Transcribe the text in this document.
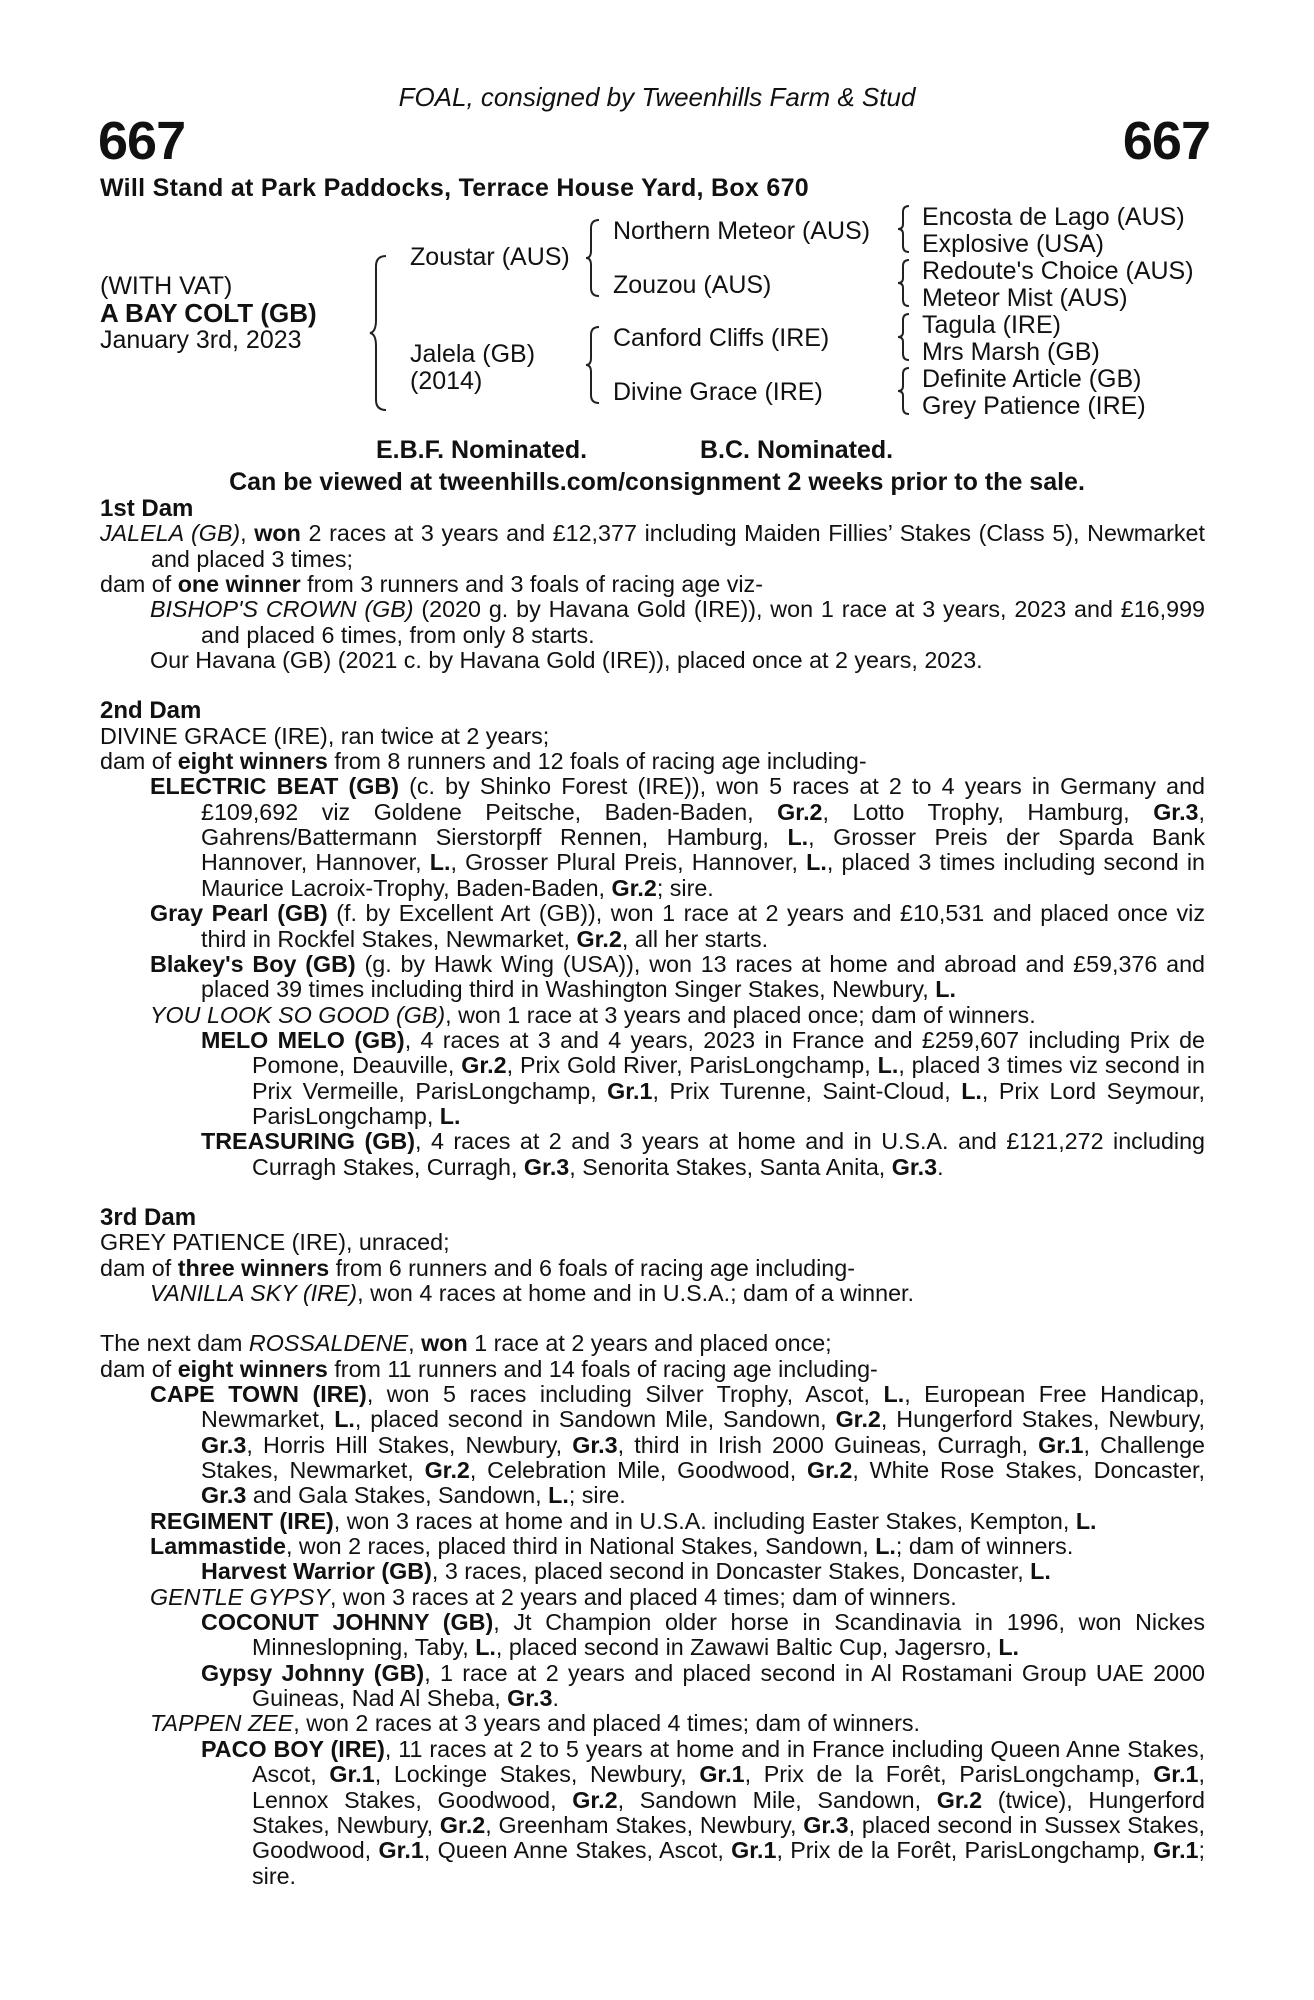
FOAL, consigned by Tweenhills Farm & Stud
667	667
Will Stand at Park Paddocks, Terrace House Yard, Box 670
(WITH VAT)
A BAY COLT (GB)
January 3rd, 2023
Zoustar (AUS)
Jalela (GB)
(2014)
Northern Meteor (AUS)
Zouzou (AUS)
Canford Cliffs (IRE)
Divine Grace (IRE)
Encosta de Lago (AUS)
Explosive (USA)
Redoute's Choice (AUS)
Meteor Mist (AUS)
Tagula (IRE)
Mrs Marsh (GB)
Definite Article (GB)
Grey Patience (IRE)
E.B.F. Nominated.	B.C. Nominated.
Can be viewed at tweenhills.com/consignment 2 weeks prior to the sale.

1st Dam

JALELA (GB), won 2 races at 3 years and £12,377 including Maiden Fillies’ Stakes (Class 5), Newmarket and placed 3 times;

dam of one winner from 3 runners and 3 foals of racing age viz-

BISHOP'S CROWN (GB) (2020 g. by Havana Gold (IRE)), won 1 race at 3 years, 2023 and £16,999 and placed 6 times, from only 8 starts.

Our Havana (GB) (2021 c. by Havana Gold (IRE)), placed once at 2 years, 2023.

2nd Dam

DIVINE GRACE (IRE), ran twice at 2 years;

dam of eight winners from 8 runners and 12 foals of racing age including-

ELECTRIC BEAT (GB) (c. by Shinko Forest (IRE)), won 5 races at 2 to 4 years in Germany and £109,692 viz Goldene Peitsche, Baden-Baden, Gr.2, Lotto Trophy, Hamburg, Gr.3, Gahrens/Battermann Sierstorpff Rennen, Hamburg, L., Grosser Preis der Sparda Bank Hannover, Hannover, L., Grosser Plural Preis, Hannover, L., placed 3 times including second in Maurice Lacroix-Trophy, Baden-Baden, Gr.2; sire.

Gray Pearl (GB) (f. by Excellent Art (GB)), won 1 race at 2 years and £10,531 and placed once viz third in Rockfel Stakes, Newmarket, Gr.2, all her starts.

Blakey's Boy (GB) (g. by Hawk Wing (USA)), won 13 races at home and abroad and £59,376 and placed 39 times including third in Washington Singer Stakes, Newbury, L.

YOU LOOK SO GOOD (GB), won 1 race at 3 years and placed once; dam of winners.

MELO MELO (GB), 4 races at 3 and 4 years, 2023 in France and £259,607 including Prix de Pomone, Deauville, Gr.2, Prix Gold River, ParisLongchamp, L., placed 3 times viz second in Prix Vermeille, ParisLongchamp, Gr.1, Prix Turenne, Saint-Cloud, L., Prix Lord Seymour, ParisLongchamp, L.

TREASURING (GB), 4 races at 2 and 3 years at home and in U.S.A. and £121,272 including Curragh Stakes, Curragh, Gr.3, Senorita Stakes, Santa Anita, Gr.3.

3rd Dam

GREY PATIENCE (IRE), unraced;

dam of three winners from 6 runners and 6 foals of racing age including-

VANILLA SKY (IRE), won 4 races at home and in U.S.A.; dam of a winner.

The next dam ROSSALDENE, won 1 race at 2 years and placed once;

dam of eight winners from 11 runners and 14 foals of racing age including-

CAPE TOWN (IRE), won 5 races including Silver Trophy, Ascot, L., European Free Handicap, Newmarket, L., placed second in Sandown Mile, Sandown, Gr.2, Hungerford Stakes, Newbury, Gr.3, Horris Hill Stakes, Newbury, Gr.3, third in Irish 2000 Guineas, Curragh, Gr.1, Challenge Stakes, Newmarket, Gr.2, Celebration Mile, Goodwood, Gr.2, White Rose Stakes, Doncaster, Gr.3 and Gala Stakes, Sandown, L.; sire.

REGIMENT (IRE), won 3 races at home and in U.S.A. including Easter Stakes, Kempton, L.

Lammastide, won 2 races, placed third in National Stakes, Sandown, L.; dam of winners.

Harvest Warrior (GB), 3 races, placed second in Doncaster Stakes, Doncaster, L.

GENTLE GYPSY, won 3 races at 2 years and placed 4 times; dam of winners.

COCONUT JOHNNY (GB), Jt Champion older horse in Scandinavia in 1996, won Nickes Minneslopning, Taby, L., placed second in Zawawi Baltic Cup, Jagersro, L.

Gypsy Johnny (GB), 1 race at 2 years and placed second in Al Rostamani Group UAE 2000 Guineas, Nad Al Sheba, Gr.3.

TAPPEN ZEE, won 2 races at 3 years and placed 4 times; dam of winners.

PACO BOY (IRE), 11 races at 2 to 5 years at home and in France including Queen Anne Stakes, Ascot, Gr.1, Lockinge Stakes, Newbury, Gr.1, Prix de la Forêt, ParisLongchamp, Gr.1, Lennox Stakes, Goodwood, Gr.2, Sandown Mile, Sandown, Gr.2 (twice), Hungerford Stakes, Newbury, Gr.2, Greenham Stakes, Newbury, Gr.3, placed second in Sussex Stakes, Goodwood, Gr.1, Queen Anne Stakes, Ascot, Gr.1, Prix de la Forêt, ParisLongchamp, Gr.1; sire.
